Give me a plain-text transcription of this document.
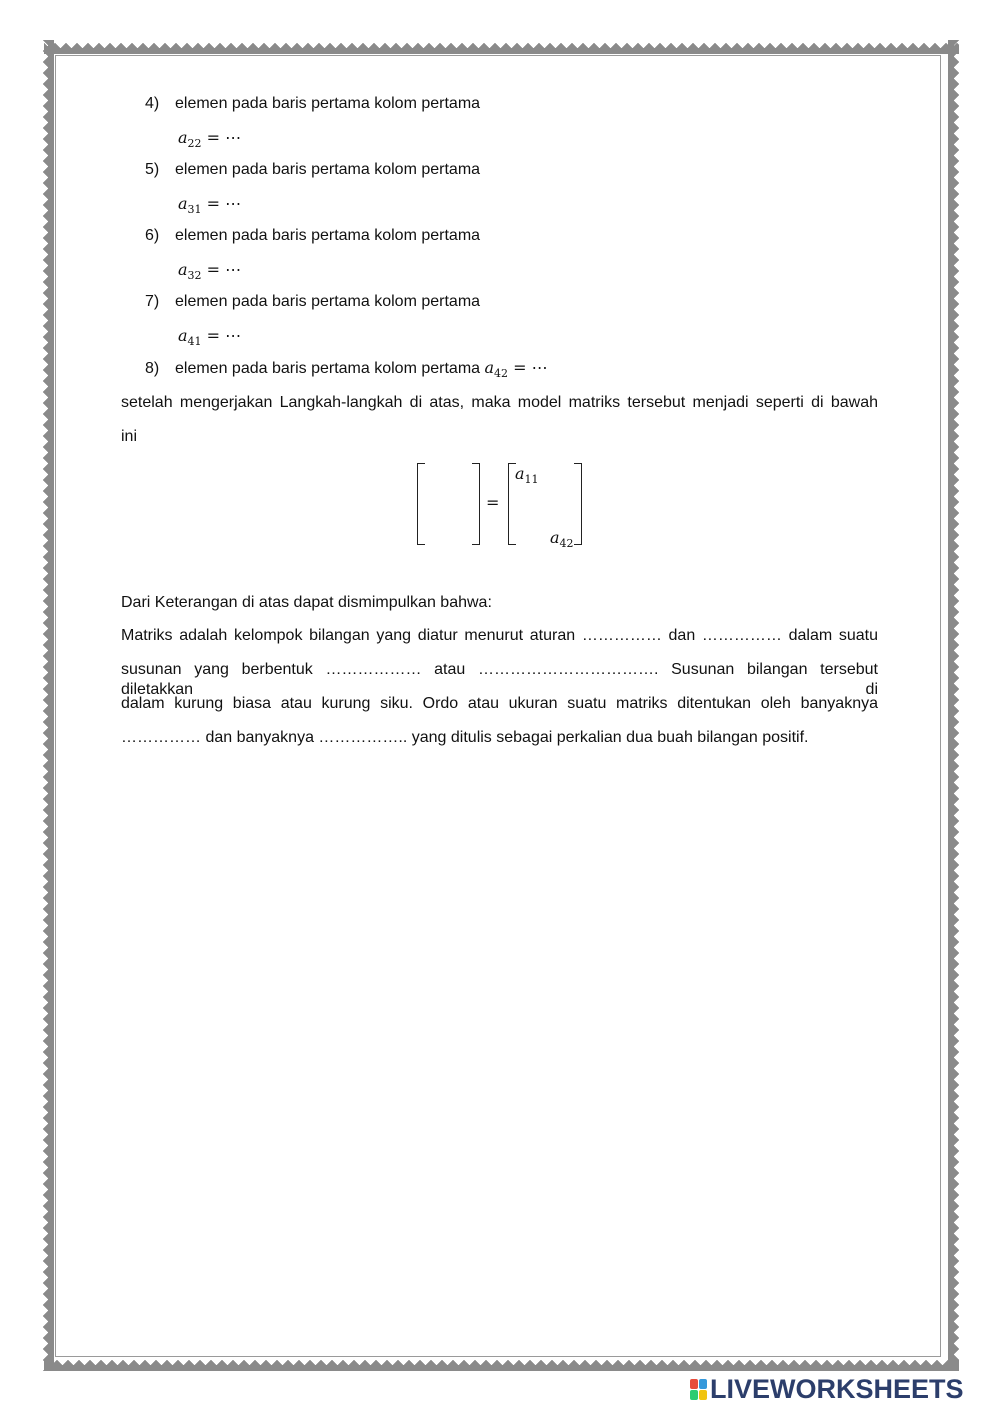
4) elemen pada baris pertama kolom pertama
$a_{22}$ = ⋯
5) elemen pada baris pertama kolom pertama
$a_{31}$ = ⋯
6) elemen pada baris pertama kolom pertama
$a_{32}$ = ⋯
7) elemen pada baris pertama kolom pertama
$a_{41}$ = ⋯
8) elemen pada baris pertama kolom pertama $a_{42}$ = ⋯
setelah mengerjakan Langkah-langkah di atas, maka model matriks tersebut menjadi seperti di bawah
ini
=
$a_{11}$
$a_{42}$
Dari Keterangan di atas dapat dismimpulkan bahwa:
Matriks adalah kelompok bilangan yang diatur menurut aturan …………… dan …………… dalam suatu
susunan yang berbentuk ……………… atau ……………………………. Susunan bilangan tersebut diletakkan di
dalam kurung biasa atau kurung siku. Ordo atau ukuran suatu matriks ditentukan oleh banyaknya
…………… dan banyaknya …………….. yang ditulis sebagai perkalian dua buah bilangan positif.
LIVEWORKSHEETS
